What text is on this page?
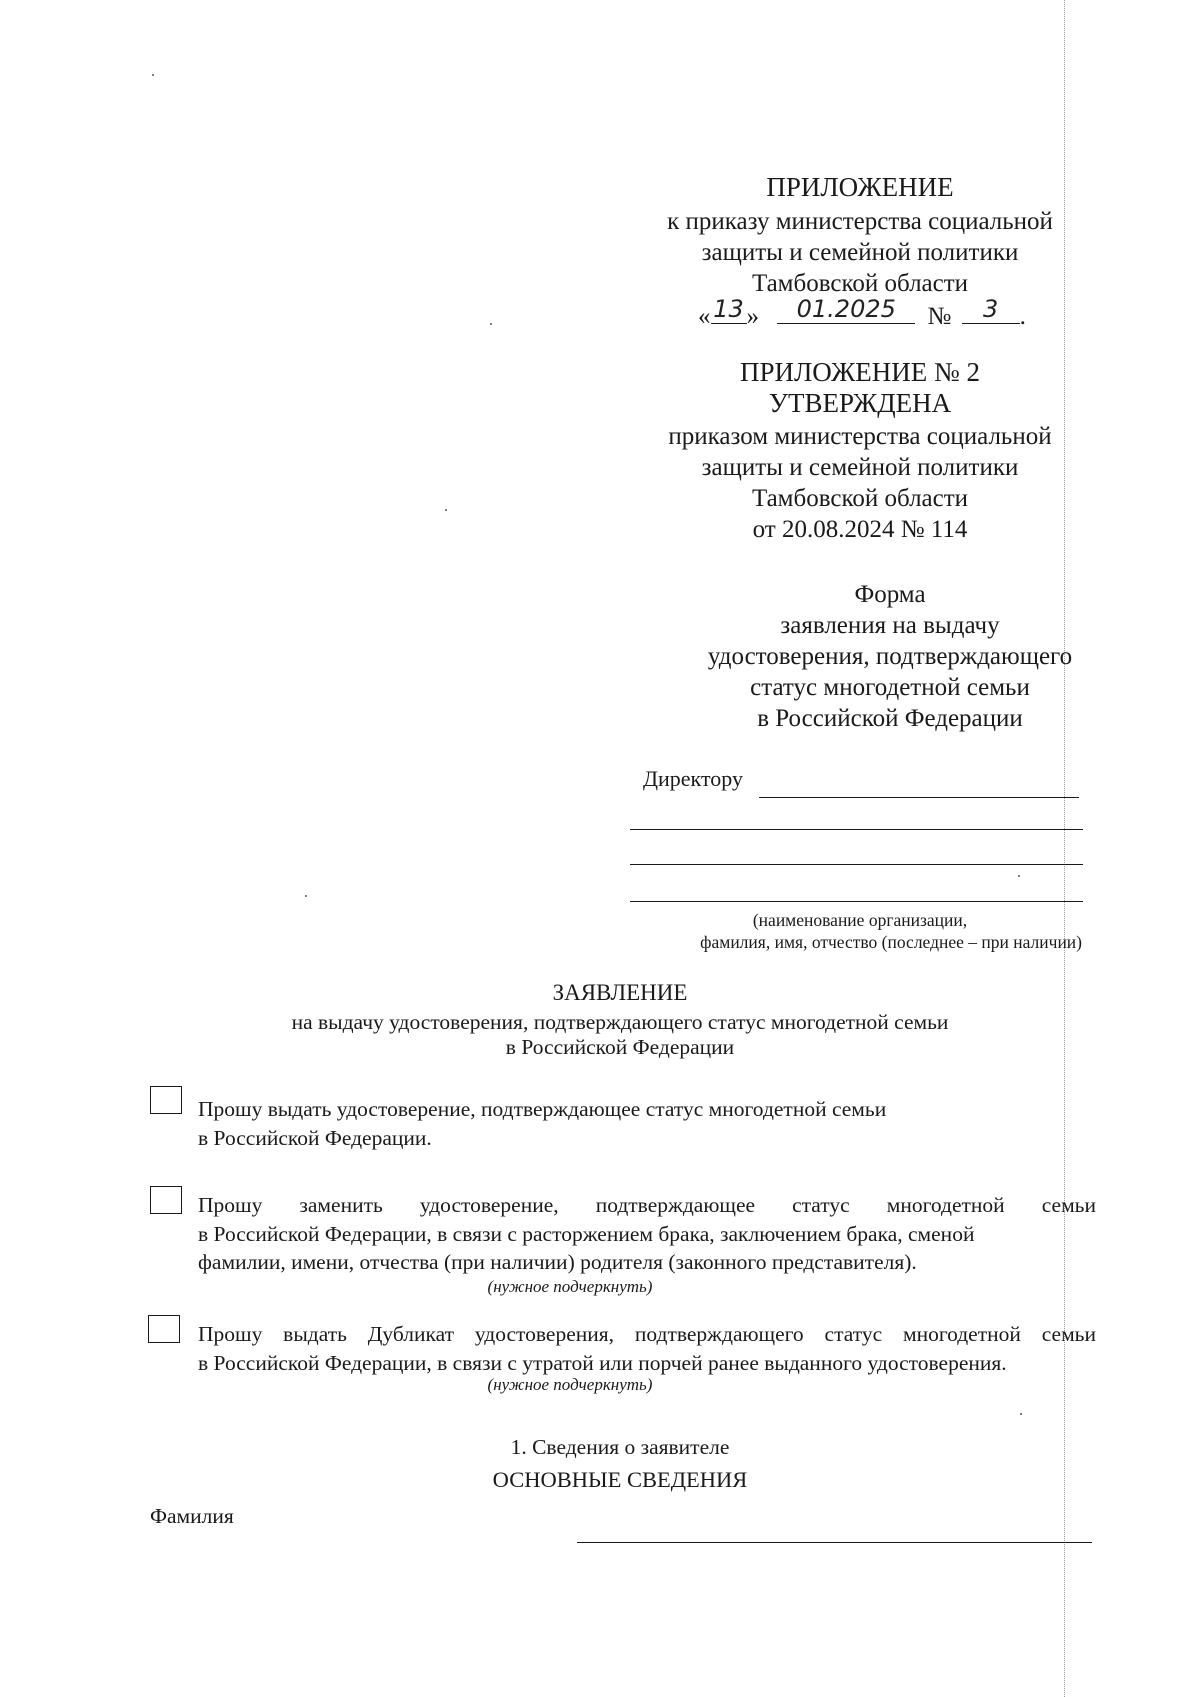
ПРИЛОЖЕНИЕ
к приказу министерства социальной
защиты и семейной политики
Тамбовской области
« 13 »	01.2025	№	3 .
ПРИЛОЖЕНИЕ № 2
УТВЕРЖДЕНА
приказом министерства социальной
защиты и семейной политики
Тамбовской области
от 20.08.2024 № 114
Форма
заявления на выдачу
удостоверения, подтверждающего
статус многодетной семьи
в Российской Федерации
Директору
(наименование организации,
фамилия, имя, отчество (последнее – при наличии)
ЗАЯВЛЕНИЕ
на выдачу удостоверения, подтверждающего статус многодетной семьи
в Российской Федерации
Прошу выдать удостоверение, подтверждающее статус многодетной семьи
в Российской Федерации.
Прошу заменить удостоверение, подтверждающее статус многодетной семьи
в Российской Федерации, в связи с расторжением брака, заключением брака, сменой
фамилии, имени, отчества (при наличии) родителя (законного представителя).
(нужное подчеркнуть)
Прошу выдать Дубликат удостоверения, подтверждающего статус многодетной семьи
в Российской Федерации, в связи с утратой или порчей ранее выданного удостоверения.
(нужное подчеркнуть)
1. Сведения о заявителе
ОСНОВНЫЕ СВЕДЕНИЯ
Фамилия
